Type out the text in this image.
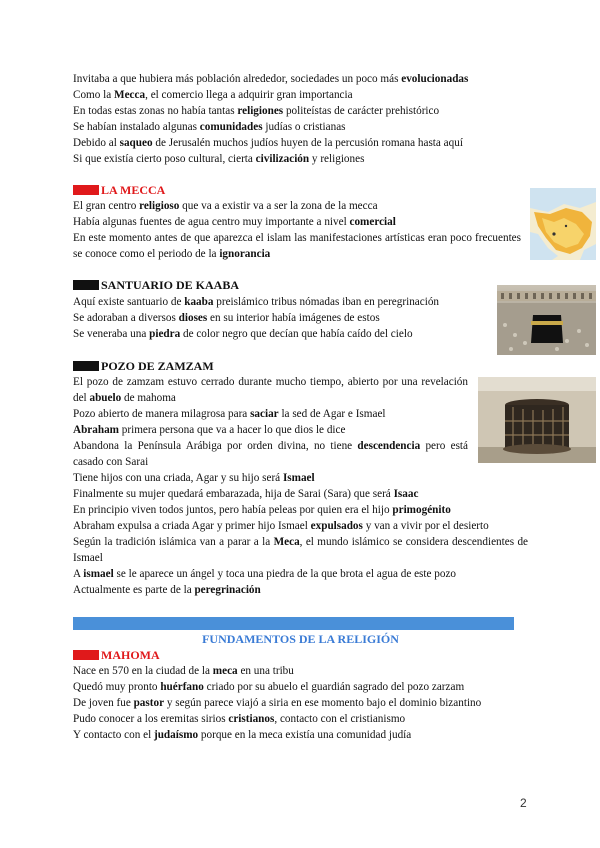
Invitaba a que hubiera más población alrededor, sociedades un poco más evolucionadas
Como la Mecca, el comercio llega a adquirir gran importancia
En todas estas zonas no había tantas religiones politeístas de carácter prehistórico
Se habían instalado algunas comunidades judías o cristianas
Debido al saqueo de Jerusalén muchos judíos huyen de la percusión romana hasta aquí
Si que existía cierto poso cultural, cierta civilización y religiones
LA MECCA
El gran centro religioso que va a existir va a ser la zona de la mecca
Había algunas fuentes de agua centro muy importante a nivel comercial
En este momento antes de que aparezca el islam las manifestaciones artísticas eran poco frecuentes se conoce como el periodo de la ignorancia
SANTUARIO DE KAABA
Aquí existe santuario de kaaba preislámico tribus nómadas iban en peregrinación
Se adoraban a diversos dioses en su interior había imágenes de estos
Se veneraba una piedra de color negro que decían que había caído del cielo
POZO DE ZAMZAM
El pozo de zamzam estuvo cerrado durante mucho tiempo, abierto por una revelación del abuelo de mahoma
Pozo abierto de manera milagrosa para saciar la sed de Agar e Ismael
Abraham primera persona que va a hacer lo que dios le dice
Abandona la Península Arábiga por orden divina, no tiene descendencia pero está casado con Sarai
Tiene hijos con una criada, Agar y su hijo será Ismael
Finalmente su mujer quedará embarazada, hija de Sarai (Sara) que será Isaac
En principio viven todos juntos, pero había peleas por quien era el hijo primogénito
Abraham expulsa a criada Agar y primer hijo Ismael expulsados y van a vivir por el desierto
Según la tradición islámica van a parar a la Meca, el mundo islámico se considera descendientes de Ismael
A ismael se le aparece un ángel y toca una piedra de la que brota el agua de este pozo
Actualmente es parte de la peregrinación
FUNDAMENTOS DE LA RELIGIÓN
MAHOMA
Nace en 570 en la ciudad de la meca en una tribu
Quedó muy pronto huérfano criado por su abuelo el guardián sagrado del pozo zarzam
De joven fue pastor y según parece viajó a siria en ese momento bajo el dominio bizantino
Pudo conocer a los eremitas sirios cristianos, contacto con el cristianismo
Y contacto con el judaísmo porque en la meca existía una comunidad judía
2
